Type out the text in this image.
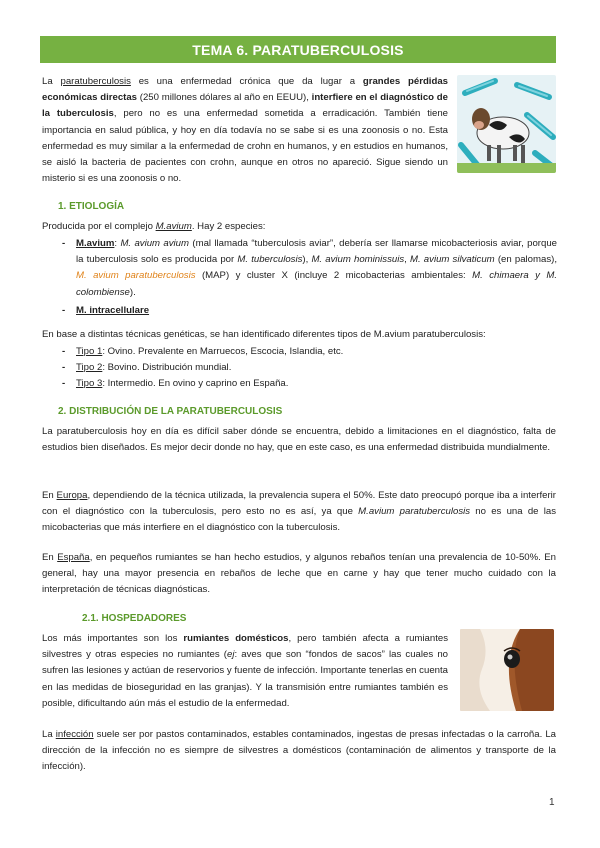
TEMA 6. PARATUBERCULOSIS

La paratuberculosis es una enfermedad crónica que da lugar a grandes pérdidas económicas directas (250 millones dólares al año en EEUU), interfiere en el diagnóstico de la tuberculosis, pero no es una enfermedad sometida a erradicación. También tiene importancia en salud pública, y hoy en día todavía no se sabe si es una zoonosis o no. Esta enfermedad es muy similar a la enfermedad de crohn en humanos, y en estudios en humanos, se aisló la bacteria de pacientes con crohn, aunque en otros no apareció. Sigue siendo un misterio si es una zoonosis o no.

1. ETIOLOGÍA

Producida por el complejo M.avium. Hay 2 especies:

- M.avium: M. avium avium (mal llamada “tuberculosis aviar”, debería ser llamarse micobacteriosis aviar, porque la tuberculosis solo es producida por M. tuberculosis), M. avium hominissuis, M. avium silvaticum (en palomas), M. avium paratuberculosis (MAP) y cluster X (incluye 2 micobacterias ambientales: M. chimaera y M. colombiense).
- M. intracellulare

En base a distintas técnicas genéticas, se han identificado diferentes tipos de M.avium paratuberculosis:

- Tipo 1: Ovino. Prevalente en Marruecos, Escocia, Islandia, etc.
- Tipo 2: Bovino. Distribución mundial.
- Tipo 3: Intermedio. En ovino y caprino en España.
2. DISTRIBUCIÓN DE LA PARATUBERCULOSIS

La paratuberculosis hoy en día es difícil saber dónde se encuentra, debido a limitaciones en el diagnóstico, falta de estudios bien diseñados. Es mejor decir donde no hay, que en este caso, es una enfermedad distribuida mundialmente.

En Europa, dependiendo de la técnica utilizada, la prevalencia supera el 50%. Este dato preocupó porque iba a interferir con el diagnóstico con la tuberculosis, pero esto no es así, ya que M.avium paratuberculosis no es una de las micobacterias que más interfiere en el diagnóstico con la tuberculosis.

En España, en pequeños rumiantes se han hecho estudios, y algunos rebaños tenían una prevalencia de 10-50%. En general, hay una mayor presencia en rebaños de leche que en carne y hay que tener mucho cuidado con la interpretación de técnicas diagnósticas.

2.1. HOSPEDADORES

Los más importantes son los rumiantes domésticos, pero también afecta a rumiantes silvestres y otras especies no rumiantes (ej: aves que son “fondos de sacos” las cuales no sufren las lesiones y actúan de reservorios y fuente de infección. Importante tenerlas en cuenta en las medidas de bioseguridad en las granjas). Y la transmisión entre rumiantes también es posible, dificultando aún más el estudio de la enfermedad.

La infección suele ser por pastos contaminados, estables contaminados, ingestas de presas infectadas o la carroña. La dirección de la infección no es siempre de silvestres a domésticos (contaminación de alimentos y transporte de la infección).

1
